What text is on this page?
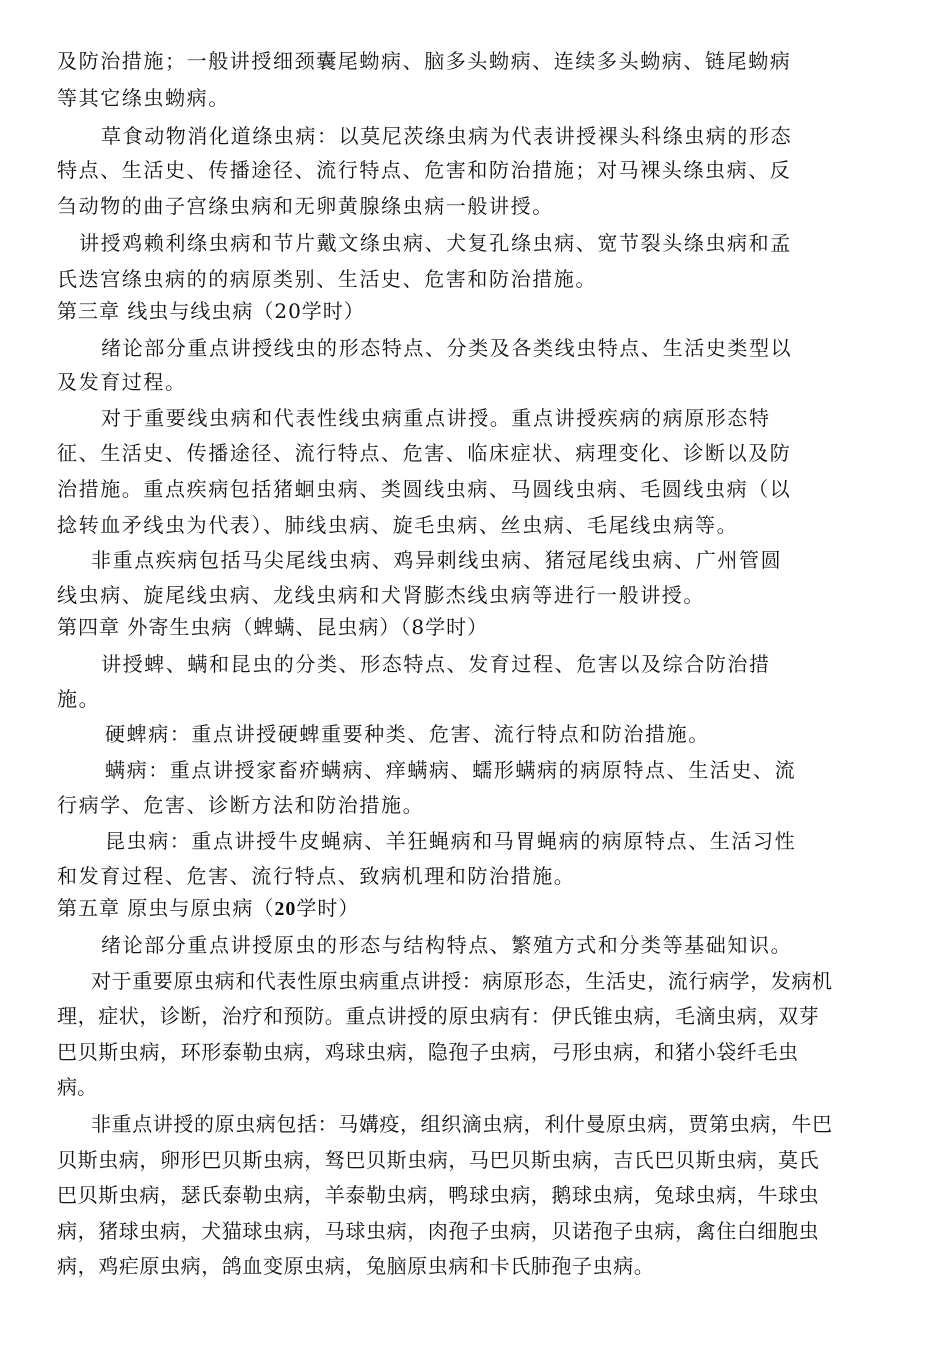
及防治措施；一般讲授细颈囊尾蚴病、脑多头蚴病、连续多头蚴病、链尾蚴病
等其它绦虫蚴病。
草食动物消化道绦虫病：以莫尼茨绦虫病为代表讲授裸头科绦虫病的形态
特点、生活史、传播途径、流行特点、危害和防治措施；对马裸头绦虫病、反
刍动物的曲子宫绦虫病和无卵黄腺绦虫病一般讲授。
讲授鸡赖利绦虫病和节片戴文绦虫病、犬复孔绦虫病、宽节裂头绦虫病和孟
氏迭宫绦虫病的的病原类别、生活史、危害和防治措施。
第三章 线虫与线虫病（20学时）
绪论部分重点讲授线虫的形态特点、分类及各类线虫特点、生活史类型以
及发育过程。
对于重要线虫病和代表性线虫病重点讲授。重点讲授疾病的病原形态特
征、生活史、传播途径、流行特点、危害、临床症状、病理变化、诊断以及防
治措施。重点疾病包括猪蛔虫病、类圆线虫病、马圆线虫病、毛圆线虫病（以
捻转血矛线虫为代表）、肺线虫病、旋毛虫病、丝虫病、毛尾线虫病等。
非重点疾病包括马尖尾线虫病、鸡异刺线虫病、猪冠尾线虫病、广州管圆
线虫病、旋尾线虫病、龙线虫病和犬肾膨杰线虫病等进行一般讲授。
第四章 外寄生虫病（蜱螨、昆虫病）（8学时）
讲授蜱、螨和昆虫的分类、形态特点、发育过程、危害以及综合防治措
施。
硬蜱病：重点讲授硬蜱重要种类、危害、流行特点和防治措施。
螨病：重点讲授家畜疥螨病、痒螨病、蠕形螨病的病原特点、生活史、流
行病学、危害、诊断方法和防治措施。
昆虫病：重点讲授牛皮蝇病、羊狂蝇病和马胃蝇病的病原特点、生活习性
和发育过程、危害、流行特点、致病机理和防治措施。
第五章 原虫与原虫病（20学时）
绪论部分重点讲授原虫的形态与结构特点、繁殖方式和分类等基础知识。
对于重要原虫病和代表性原虫病重点讲授：病原形态，生活史，流行病学，发病机
理，症状，诊断，治疗和预防。重点讲授的原虫病有：伊氏锥虫病，毛滴虫病，双芽
巴贝斯虫病，环形泰勒虫病，鸡球虫病，隐孢子虫病，弓形虫病，和猪小袋纤毛虫
病。
非重点讲授的原虫病包括：马媾疫，组织滴虫病，利什曼原虫病，贾第虫病，牛巴
贝斯虫病，卵形巴贝斯虫病，驽巴贝斯虫病，马巴贝斯虫病，吉氏巴贝斯虫病，莫氏
巴贝斯虫病，瑟氏泰勒虫病，羊泰勒虫病，鸭球虫病，鹅球虫病，兔球虫病，牛球虫
病，猪球虫病，犬猫球虫病，马球虫病，肉孢子虫病，贝诺孢子虫病，禽住白细胞虫
病，鸡疟原虫病，鸽血变原虫病，兔脑原虫病和卡氏肺孢子虫病。
